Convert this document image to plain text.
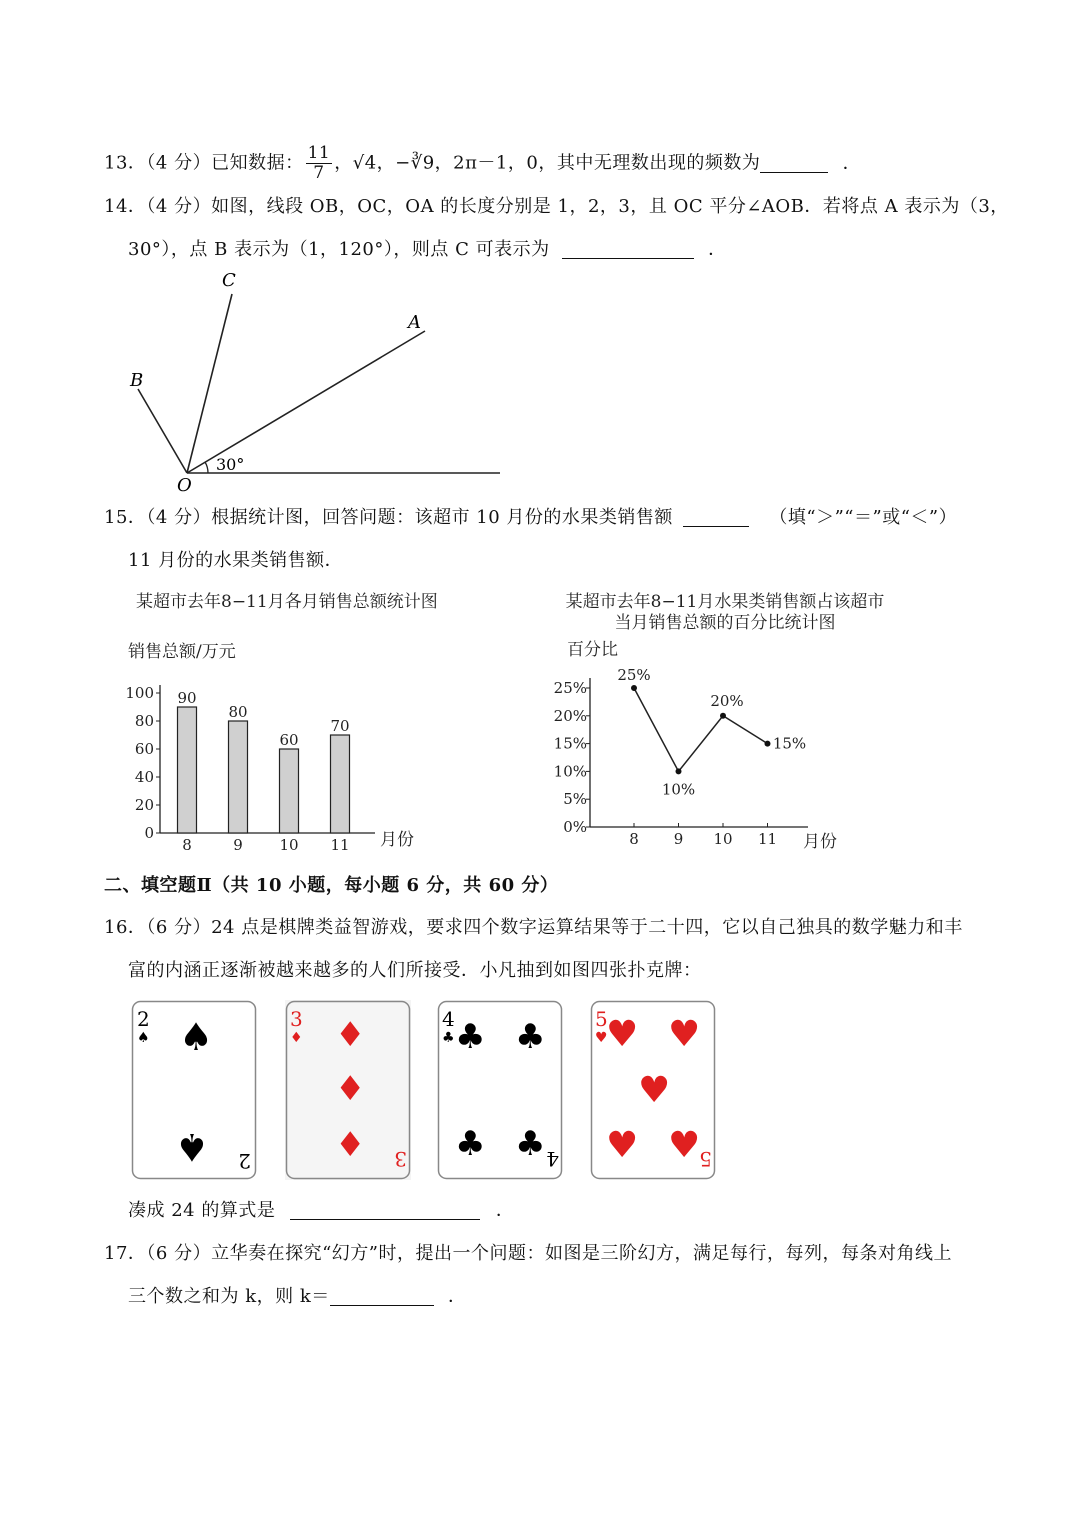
13．（4 分）已知数据： $\frac{11}{7}$ ，√4，−∛9，2π－1，0，其中无理数出现的频数为	．
14．（4 分）如图，线段 OB，OC，OA 的长度分别是 1，2，3，且 OC 平分∠AOB．若将点 A 表示为（3，
30°），点 B 表示为（1，120°），则点 C 可表示为	．
C
A
B
O
30°
15．（4 分）根据统计图，回答问题：该超市 10 月份的水果类销售额	（填“＞”“＝”或“＜”）
11 月份的水果类销售额．
某超市去年8−11月各月销售总额统计图
销售总额/万元
0
20
40
60
80
100 90
8
80
9
60
10
70
11 月份
某超市去年8−11月水果类销售额占该超市
当月销售总额的百分比统计图
百分比
0%
5%
10%
15%
20%
25%
25%
8
10%
9
20%
10
15%
11 月份
二、填空题Ⅱ（共 10 小题，每小题 6 分，共 60 分）
16．（6 分）24 点是棋牌类益智游戏，要求四个数字运算结果等于二十四，它以自己独具的数学魅力和丰
富的内涵正逐渐被越来越多的人们所接受．小凡抽到如图四张扑克牌：
2
♠ ♠
♠ 2
3
♦ ♦
♦
♦ 3
4
♣ ♣ ♣
♣ ♣ 4
5
♥
♥ ♥
♥
♥ ♥
5
凑成 24 的算式是	．
17．（6 分）立华奏在探究“幻方”时，提出一个问题：如图是三阶幻方，满足每行，每列，每条对角线上
三个数之和为 k，则 k＝	．
